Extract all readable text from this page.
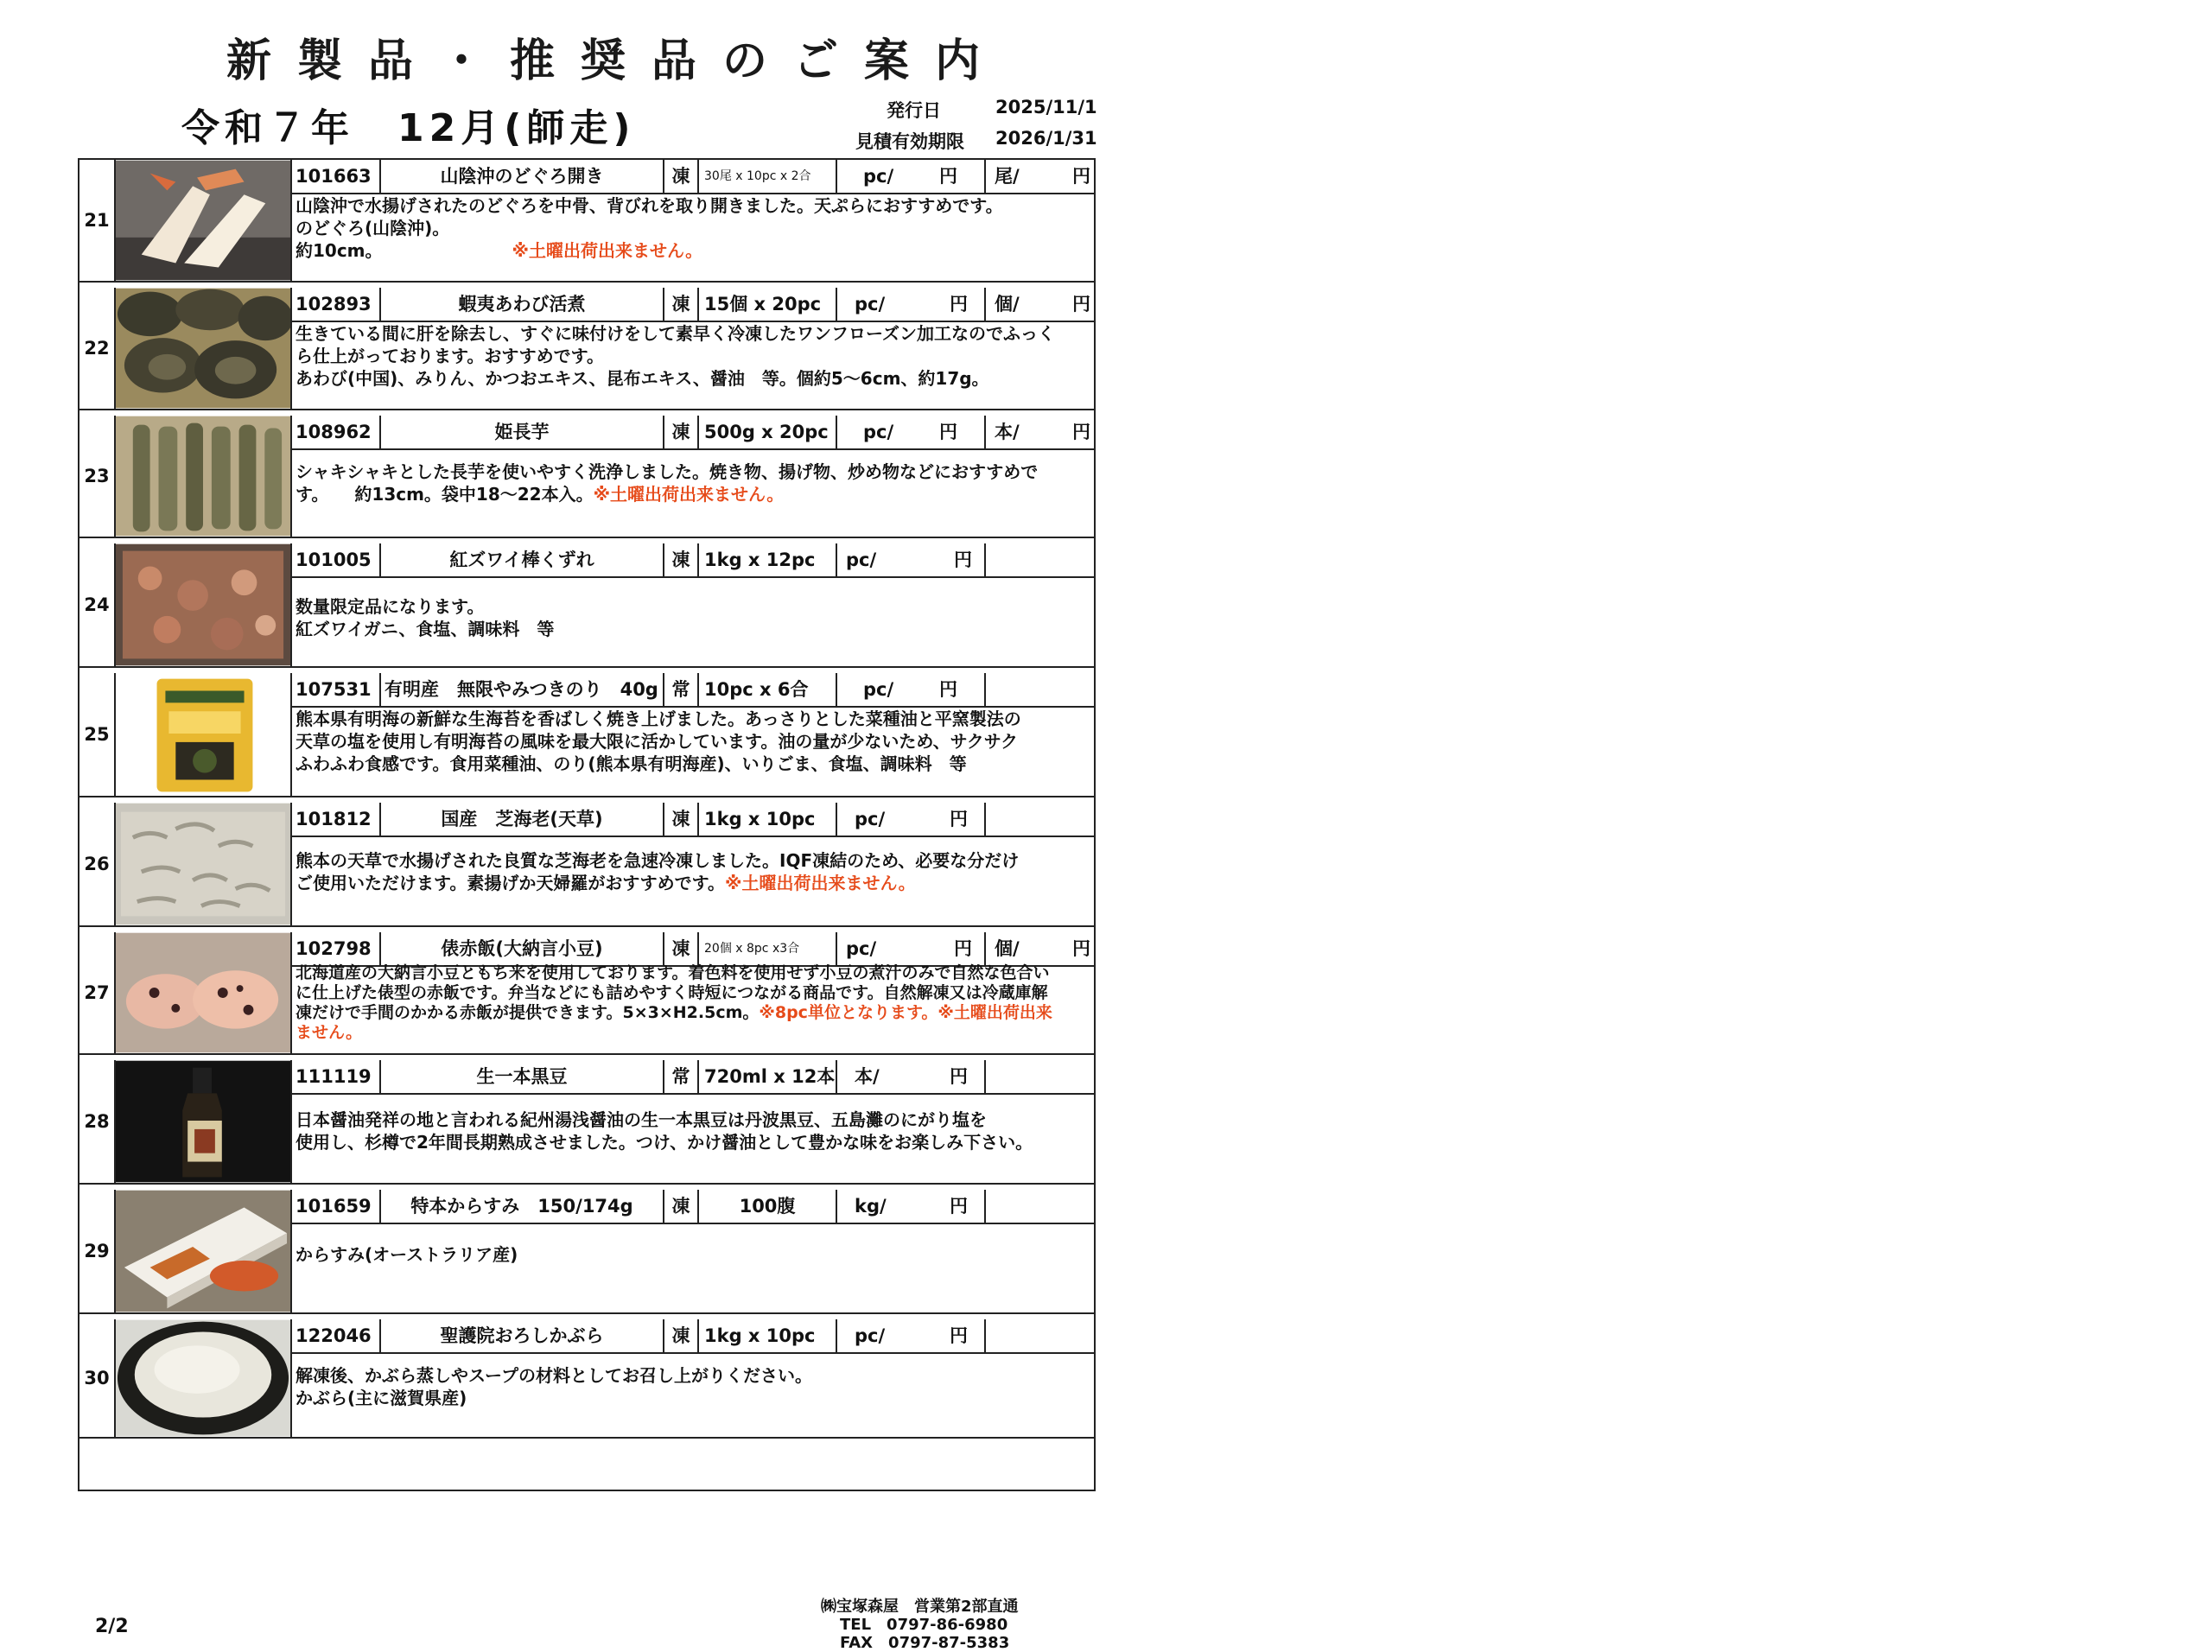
新製品・推奨品のご案内
令和７年　12月(師走)	発行日	2025/11/1
見積有効期限 2026/1/31
21
101663	山陰沖のどぐろ開き	凍	30尾 x 10pc x 2合	pc/	円 尾/	円
山陰沖で水揚げされたのどぐろを中骨、背びれを取り開きました。天ぷらにおすすめです。
のどぐろ(山陰沖)。
約10cm。	※土曜出荷出来ません。
22
102893	蝦夷あわび活煮	凍 15個 x 20pc	pc/	円 個/	円
生きている間に肝を除去し、すぐに味付けをして素早く冷凍したワンフローズン加工なのでふっく
ら仕上がっております。おすすめです。
あわび(中国)、みりん、かつおエキス、昆布エキス、醤油　等。個約5～6cm、約17g。
23
108962	姫長芋	凍 500g x 20pc	pc/	円 本/	円
シャキシャキとした長芋を使いやすく洗浄しました。焼き物、揚げ物、炒め物などにおすすめで
す。　　約13cm。袋中18～22本入。※土曜出荷出来ません。
24
101005	紅ズワイ棒くずれ	凍 1kg x 12pc	pc/	円
数量限定品になります。
紅ズワイガニ、食塩、調味料　等
25
107531 有明産　無限やみつきのり　40g 常 10pc x 6合	pc/	円
熊本県有明海の新鮮な生海苔を香ばしく焼き上げました。あっさりとした菜種油と平窯製法の
天草の塩を使用し有明海苔の風味を最大限に活かしています。油の量が少ないため、サクサク
ふわふわ食感です。食用菜種油、のり(熊本県有明海産)、いりごま、食塩、調味料　等
26
101812	国産　芝海老(天草)	凍 1kg x 10pc	pc/	円
熊本の天草で水揚げされた良質な芝海老を急速冷凍しました。IQF凍結のため、必要な分だけ
ご使用いただけます。素揚げか天婦羅がおすすめです。※土曜出荷出来ません。
27
102798	俵赤飯(大納言小豆)	凍	20個 x 8pc x3合	pc/	円 個/	円
北海道産の大納言小豆ともち米を使用しております。着色料を使用せず小豆の煮汁のみで自然な色合い
に仕上げた俵型の赤飯です。弁当などにも詰めやすく時短につながる商品です。自然解凍又は冷蔵庫解
凍だけで手間のかかる赤飯が提供できます。5×3×H2.5cm。※8pc単位となります。※土曜出荷出来
ません。
28
111119	生一本黒豆	常 720ml x 12本 本/	円
日本醤油発祥の地と言われる紀州湯浅醤油の生一本黒豆は丹波黒豆、五島灘のにがり塩を
使用し、杉樽で2年間長期熟成させました。つけ、かけ醤油として豊かな味をお楽しみ下さい。
29
101659	特本からすみ　150/174g	凍	100腹	kg/	円
からすみ(オーストラリア産)
30
122046	聖護院おろしかぶら	凍 1kg x 10pc	pc/	円
解凍後、かぶら蒸しやスープの材料としてお召し上がりください。
かぶら(主に滋賀県産)
2/2
㈱宝塚森屋　営業第2部直通
TEL　0797-86-6980
FAX　0797-87-5383
